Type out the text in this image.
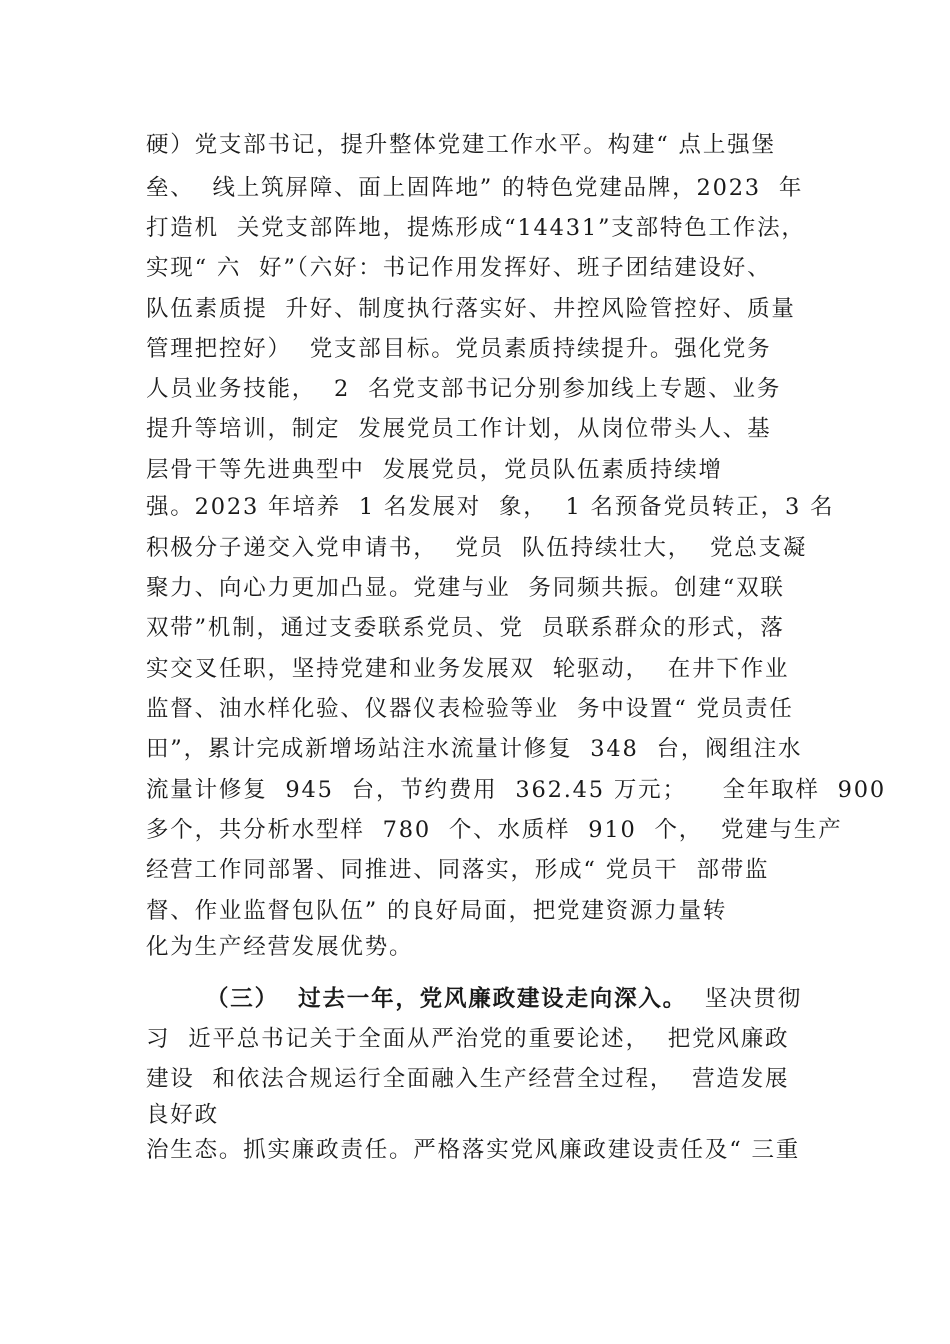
硬）党支部书记，提升整体党建工作水平。构建“ 点上强堡
垒、  线上筑屏障、面上固阵地” 的特色党建品牌，2023  年
打造机  关党支部阵地，提炼形成“14431”支部特色工作法，
实现“ 六  好”（六好：书记作用发挥好、班子团结建设好、
队伍素质提  升好、制度执行落实好、井控风险管控好、质量
管理把控好）  党支部目标。党员素质持续提升。强化党务
人员业务技能，  2  名党支部书记分别参加线上专题、业务
提升等培训，制定  发展党员工作计划，从岗位带头人、基
层骨干等先进典型中  发展党员，党员队伍素质持续增
强。2023 年培养  1 名发展对  象，  1 名预备党员转正，3 名
积极分子递交入党申请书，  党员  队伍持续壮大，  党总支凝
聚力、向心力更加凸显。党建与业  务同频共振。创建“双联
双带”机制，通过支委联系党员、党  员联系群众的形式，落
实交叉任职，坚持党建和业务发展双  轮驱动，  在井下作业
监督、油水样化验、仪器仪表检验等业  务中设置“ 党员责任
田”，累计完成新增场站注水流量计修复  348  台，阀组注水
流量计修复  945  台，节约费用  362.45 万元；    全年取样  900
多个，共分析水型样  780  个、水质样  910  个，  党建与生产
经营工作同部署、同推进、同落实，形成“ 党员干  部带监
督、作业监督包队伍” 的良好局面，把党建资源力量转
化为生产经营发展优势。
（三）  过去一年，党风廉政建设走向深入。  坚决贯彻
习  近平总书记关于全面从严治党的重要论述，  把党风廉政
建设  和依法合规运行全面融入生产经营全过程，  营造发展
良好政
治生态。抓实廉政责任。严格落实党风廉政建设责任及“ 三重
